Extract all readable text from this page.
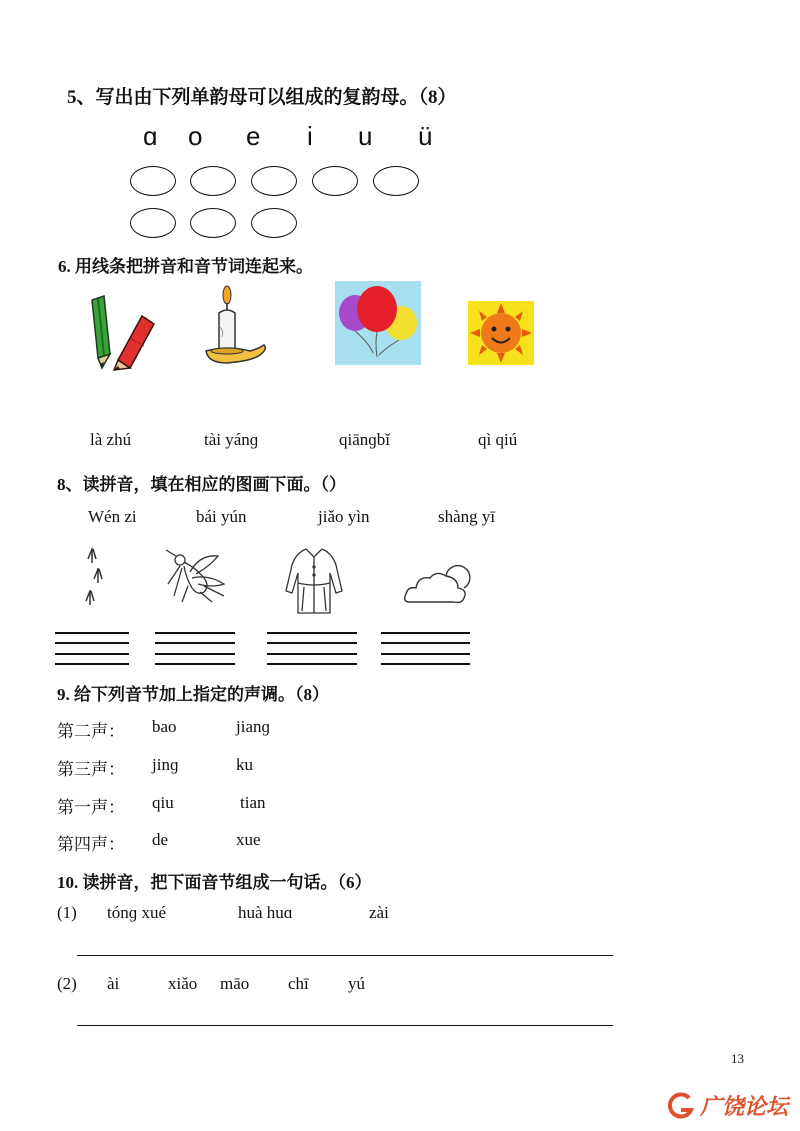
5、写出由下列单韵母可以组成的复韵母。（8）
ɑ o e i u ü
6. 用线条把拼音和音节词连起来。
là zhú	tài yánɡ	qiānɡbǐ	qì qiú
8、读拼音，填在相应的图画下面。（）
Wén zi	bái yún	jiǎo yìn	shàng yī
9. 给下列音节加上指定的声调。（8）
第二声： bao	jianɡ
第三声： jinɡ	ku
第一声： qiu	tian
第四声： de	xue
10. 读拼音，把下面音节组成一句话。（6）
(1) tónɡ xué	huà huɑ	zài
(2) ài	xiǎo māo chī yú
13
广饶论坛
